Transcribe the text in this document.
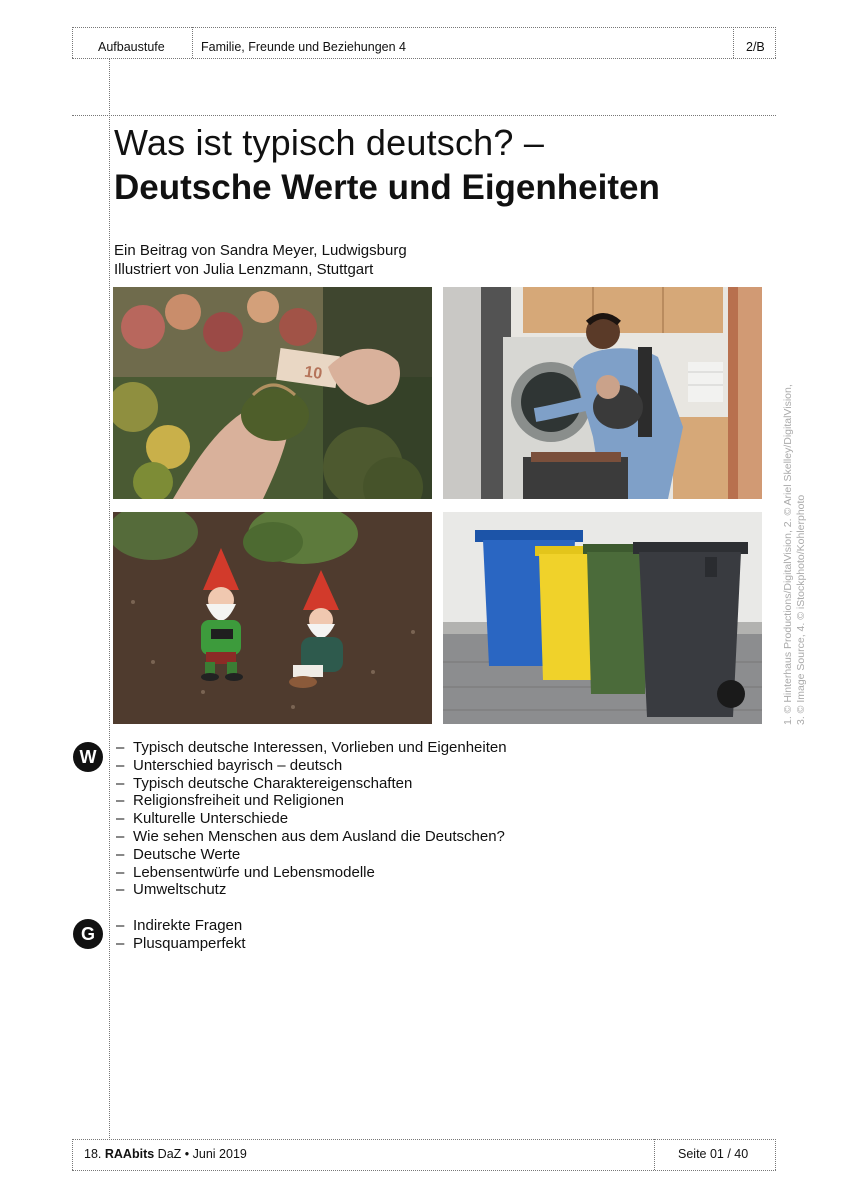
Aufbaustufe	Familie, Freunde und Beziehungen 4	2/B
Was ist typisch deutsch? –
Deutsche Werte und Eigenheiten
Ein Beitrag von Sandra Meyer, Ludwigsburg
Illustriert von Julia Lenzmann, Stuttgart
10
1. © Hinterhaus Productions/DigitalVision, 2. © Ariel Skelley/DigitalVision, 3. © Image Source, 4. © iStockphoto/Kohlerphoto
W	– Typisch deutsche Interessen, Vorlieben und Eigenheiten
– Unterschied bayrisch – deutsch
– Typisch deutsche Charaktereigenschaften
– Religionsfreiheit und Religionen
– Kulturelle Unterschiede
– Wie sehen Menschen aus dem Ausland die Deutschen?
– Deutsche Werte
– Lebensentwürfe und Lebensmodelle
– Umweltschutz
G	– Indirekte Fragen
– Plusquamperfekt
18. RAAbits DaZ • Juni 2019	Seite 01 / 40
